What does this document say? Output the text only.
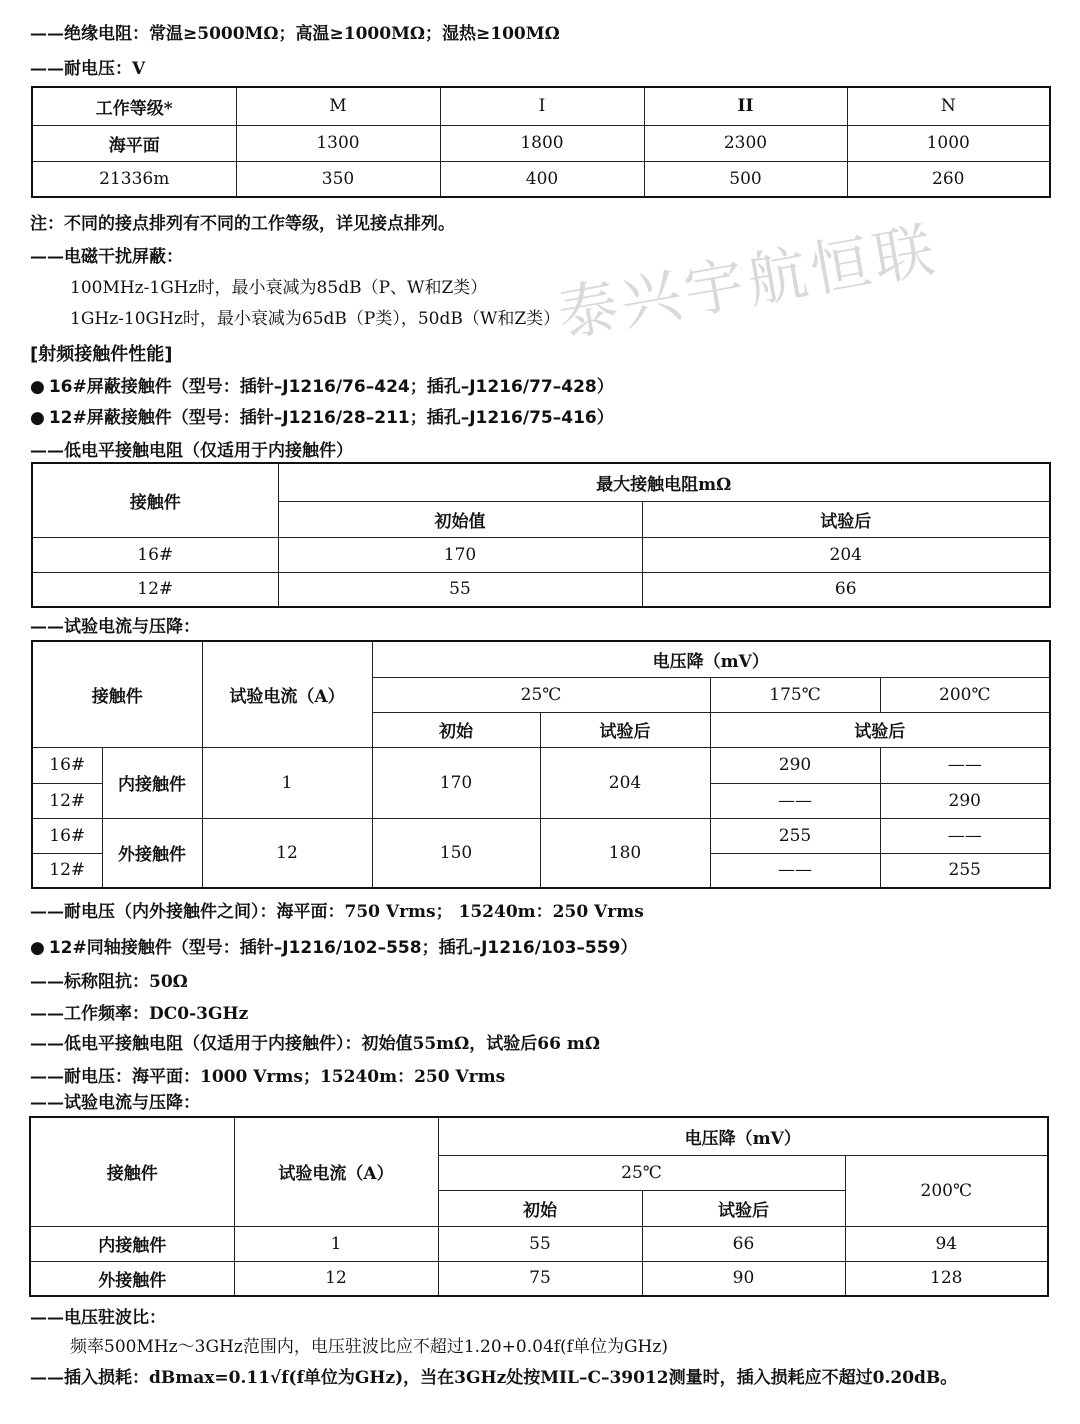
泰兴宇航恒联
——绝缘电阻：常温≥5000MΩ；高温≥1000MΩ；湿热≥100MΩ
——耐电压：V
工作等级*	M	I	II	N
海平面	1300	1800	2300	1000
21336m	350	400	500	260
注：不同的接点排列有不同的工作等级，详见接点排列。
——电磁干扰屏蔽：
100MHz-1GHz时，最小衰减为85dB（P、W和Z类）
1GHz-10GHz时，最小衰减为65dB（P类），50dB（W和Z类）
[射频接触件性能]
● 16#屏蔽接触件（型号：插针–J1216/76–424；插孔–J1216/77–428）
● 12#屏蔽接触件（型号：插针–J1216/28–211；插孔–J1216/75–416）
——低电平接触电阻（仅适用于内接触件）
接触件	最大接触电阻mΩ	
	初始值	试验后
16#	170	204
12#	55	66
——试验电流与压降：
接触件		试验电流（A）	电压降（mV）			
			25℃		175℃	200℃
			初始	试验后	试验后	
16#	内接触件	1	170	204	290	——
12#					——	290
16#	外接触件	12	150	180	255	——
12#					——	255
——耐电压（内外接触件之间）：海平面：750 Vrms； 15240m：250 Vrms
● 12#同轴接触件（型号：插针–J1216/102–558；插孔–J1216/103–559）
——标称阻抗：50Ω
——工作频率：DC0-3GHz
——低电平接触电阻（仅适用于内接触件）：初始值55mΩ，试验后66 mΩ
——耐电压：海平面：1000 Vrms；15240m：250 Vrms
——试验电流与压降：
接触件	试验电流（A）	电压降（mV）		
		25℃		200℃
		初始	试验后	
内接触件	1	55	66	94
外接触件	12	75	90	128
——电压驻波比：
频率500MHz～3GHz范围内，电压驻波比应不超过1.20+0.04f(f单位为GHz)
——插入损耗：dBmax=0.11√f(f单位为GHz)，当在3GHz处按MIL–C–39012测量时，插入损耗应不超过0.20dB。
